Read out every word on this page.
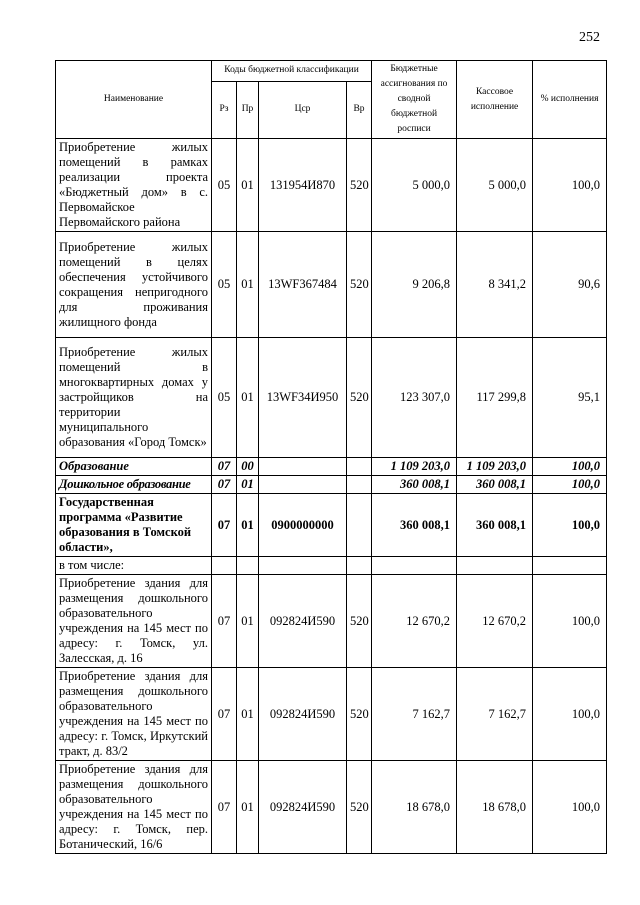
252
Наименование	Коды бюджетной классификации				Бюджетные ассигнования по сводной бюджетной росписи	Кассовое исполнение	% исполнения
	Рз	Пр	Цср	Вр			
Приобретение жилых помещений в рамках реализации проекта «Бюджетный дом» в с. Первомайское Первомайского района	05	01	131954И870	520	5 000,0	5 000,0	100,0
Приобретение жилых помещений в целях обеспечения устойчивого сокращения непригодного для проживания жилищного фонда	05	01	13WF367484	520	9 206,8	8 341,2	90,6
Приобретение жилых помещений в многоквартирных домах у застройщиков на территории муниципального образования «Город Томск»	05	01	13WF34И950	520	123 307,0	117 299,8	95,1
Образование	07	00			1 109 203,0	1 109 203,0	100,0
Дошкольное образование	07	01			360 008,1	360 008,1	100,0
Государственная программа «Развитие образования в Томской области»,	07	01	0900000000		360 008,1	360 008,1	100,0
в том числе:							
Приобретение здания для размещения дошкольного образовательного учреждения на 145 мест по адресу: г. Томск, ул. Залесская, д. 16	07	01	092824И590	520	12 670,2	12 670,2	100,0
Приобретение здания для размещения дошкольного образовательного учреждения на 145 мест по адресу: г. Томск, Иркутский тракт, д. 83/2	07	01	092824И590	520	7 162,7	7 162,7	100,0
Приобретение здания для размещения дошкольного образовательного учреждения на 145 мест по адресу: г. Томск, пер. Ботанический, 16/6	07	01	092824И590	520	18 678,0	18 678,0	100,0
